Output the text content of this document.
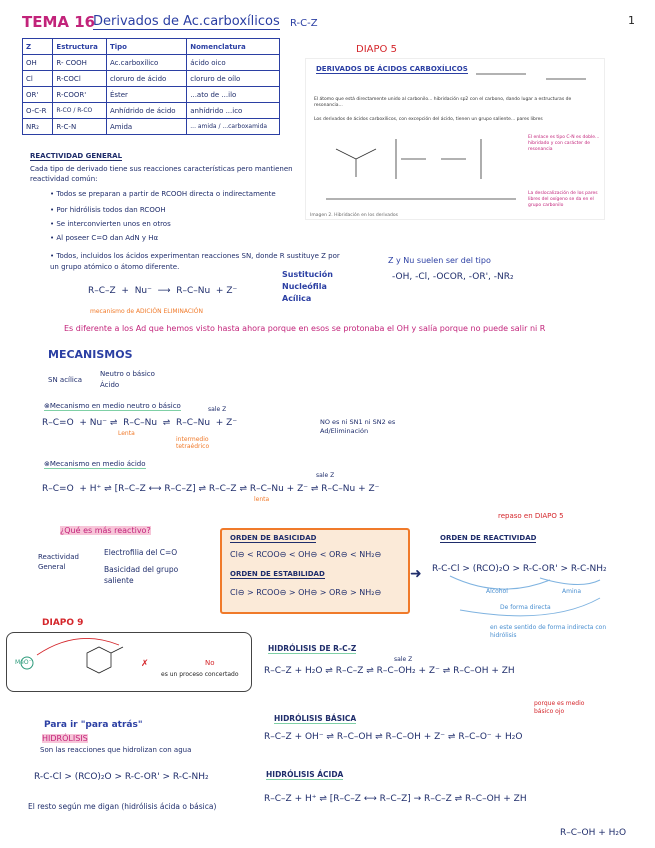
1
TEMA 16
Derivados de Ac.carboxílicos R-C-Z
Z	Estructura	Tipo	Nomenclatura
OH	R- COOH	Ac.carboxílico	ácido oico
Cl	R-COCl	cloruro de ácido	cloruro de oílo
OR'	R-COOR'	Éster	...ato de ...ilo
O-C-R	R-CO / R-CO	Anhídrido de ácido	anhídrido ...ico
NR₂	R-C-N	Amida	... amida / ...carboxamida
DIAPO 5
DERIVADOS DE ÁCIDOS CARBOXÍLICOS
El átomo que está directamente unido al carbonilo... hibridación sp2 con el carbono, dando lugar a estructuras de resonancia...
Los derivados de ácidos carboxílicos, con excepción del ácido, tienen un grupo saliente... pares libres
El enlace es tipo C-N es doble... hibridado y con carácter de resonancia
La deslocalización de los pares libres del oxígeno se da en el grupo carbonilo
Imagen 2. Hibridación en los derivados
REACTIVIDAD GENERAL
Cada tipo de derivado tiene sus reacciones características pero mantienen reactividad común:
• Todos se preparan a partir de RCOOH directa o indirectamente
• Por hidrólisis todos dan RCOOH
• Se interconvierten unos en otros
• Al poseer C=O dan AdN y Hα
• Todos, incluidos los ácidos experimentan reacciones SN, donde R sustituye Z por un grupo atómico o átomo diferente.
R–C–Z  +  Nu⁻  ⟶  R–C–Nu  + Z⁻
Sustitución
Nucleófila
Acílica
mecanismo de ADICIÓN ELIMINACIÓN
Z y Nu suelen ser del tipo
-OH, -Cl, -OCOR, -OR', -NR₂
Es diferente a los Ad que hemos visto hasta ahora porque en esos se protonaba el OH y salía porque no puede salir ni R
MECANISMOS
SN acílica
Neutro o básico
Ácido
⊗Mecanismo en medio neutro o básico
R–C=O  + Nu⁻ ⇌  R–C–Nu  ⇌  R–C–Nu  + Z⁻
Lenta
intermedio tetraédrico
sale Z
NO es ni SN1 ni SN2 es Ad/Eliminación
⊗Mecanismo en medio ácido
R–C=O  + H⁺ ⇌ [R–C–Z ⟷ R–C–Z] ⇌ R–C–Z ⇌ R–C–Nu + Z⁻ ⇌ R–C–Nu + Z⁻
sale Z
lenta
¿Qué es más reactivo?
Reactividad General
Electrofilia del C=O
Basicidad del grupo saliente
ORDEN DE BASICIDAD
Cl⊖ < RCOO⊖ < OH⊖ < OR⊖ < NH₂⊖
ORDEN DE ESTABILIDAD
Cl⊖ > RCOO⊖ > OH⊖ > OR⊖ > NH₂⊖
➜
repaso en DIAPO 5
ORDEN DE REACTIVIDAD
R-C-Cl > (RCO)₂O > R-C-OR' > R-C-NH₂
Alcohol	Amina
De forma directa
en este sentido de forma indirecta con hidrólisis
DIAPO 9
MeO⁻	✗	No
es un proceso concertado
Para ir "para atrás"
HIDRÓLISIS
Son las reacciones que hidrolizan con agua
R-C-Cl > (RCO)₂O > R-C-OR' > R-C-NH₂
El resto según me digan (hidrólisis ácida o básica)
HIDRÓLISIS DE R-C-Z
sale Z
R–C–Z + H₂O ⇌ R–C–Z ⇌ R–C–OH₂ + Z⁻ ⇌ R–C–OH + ZH
HIDRÓLISIS BÁSICA
porque es medio básico ojo
R–C–Z + OH⁻ ⇌ R–C–OH ⇌ R–C–OH + Z⁻ ⇌ R–C–O⁻ + H₂O
HIDRÓLISIS ÁCIDA
R–C–Z + H⁺ ⇌ [R–C–Z ⟷ R–C–Z] → R–C–Z ⇌ R–C–OH + ZH
R–C–OH + H₂O
